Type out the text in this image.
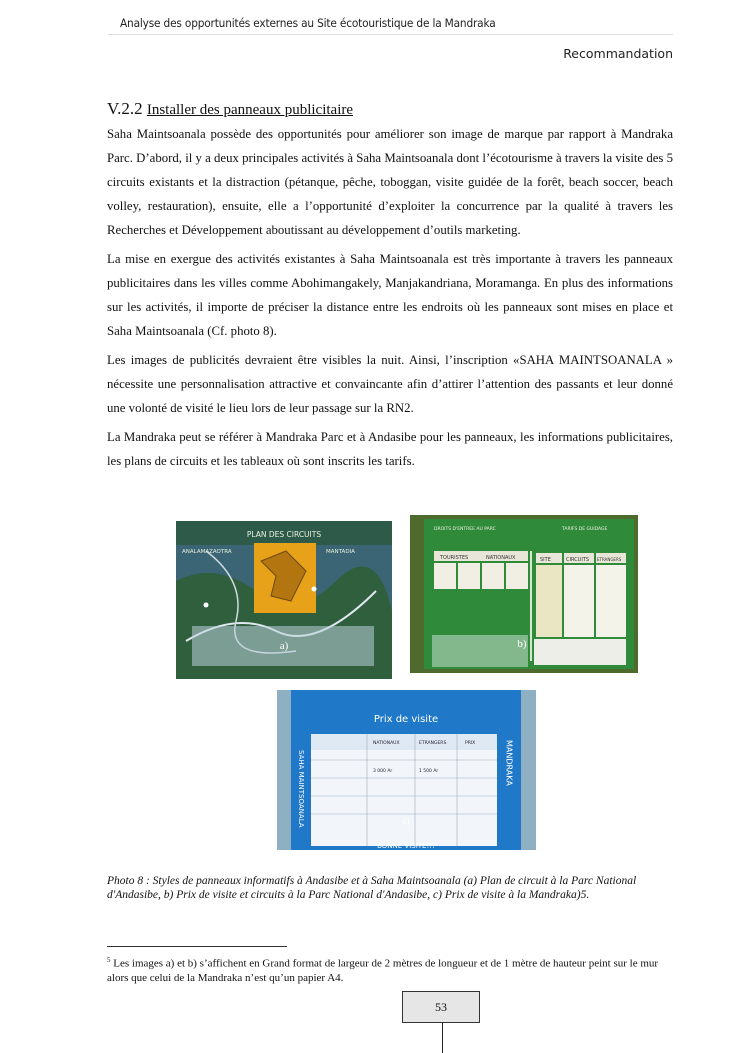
Analyse des opportunités externes au Site écotouristique de la Mandraka
Recommandation
V.2.2 Installer des panneaux publicitaire

Saha Maintsoanala possède des opportunités pour améliorer son image de marque par rapport à Mandraka Parc. D’abord, il y a deux principales activités à Saha Maintsoanala dont l’écotourisme à travers la visite des 5 circuits existants et la distraction (pétanque, pêche, toboggan, visite guidée de la forêt, beach soccer, beach volley, restauration), ensuite, elle a l’opportunité d’exploiter la concurrence par la qualité à travers les Recherches et Développement aboutissant au développement d’outils marketing.

La mise en exergue des activités existantes à Saha Maintsoanala est très importante à travers les panneaux publicitaires dans les villes comme Abohimangakely, Manjakandriana, Moramanga. En plus des informations sur les activités, il importe de préciser la distance entre les endroits où les panneaux sont mises en place et Saha Maintsoanala (Cf. photo 8).

Les images de publicités devraient être visibles la nuit. Ainsi, l’inscription «SAHA MAINTSOANALA » nécessite une personnalisation attractive et convaincante afin d’attirer l’attention des passants et leur donné une volonté de visité le lieu lors de leur passage sur la RN2.

La Mandraka peut se référer à Mandraka Parc et à Andasibe pour les panneaux, les informations publicitaires, les plans de circuits et les tableaux où sont inscrits les tarifs.

PLAN DES CIRCUITS
ANALAMAZAOTRA	MANTADIA
a)
DROITS D'ENTREE AU PARC	TARIFS DE GUIDAGE
TOURISTES	NATIONAUX	SITE	CIRCUITS ETRANGERS
b)
Prix de visite
NATIONAUX	ETRANGERS	PRIX
3 000 Ar	1 500 Ar
SAHA MAINTSOANALA	MANDRAKA
BONNE VISITE!!!
c)
Photo 8 : Styles de panneaux informatifs à Andasibe et à Saha Maintsoanala (a) Plan de circuit à la Parc National d'Andasibe, b) Prix de visite et circuits à la Parc National d'Andasibe, c) Prix de visite à la Mandraka)5.
$^5$ Les images a) et b) s’affichent en Grand format de largeur de 2 mètres de longueur et de 1 mètre de hauteur peint sur le mur alors que celui de la Mandraka n’est qu’un papier A4.
53
